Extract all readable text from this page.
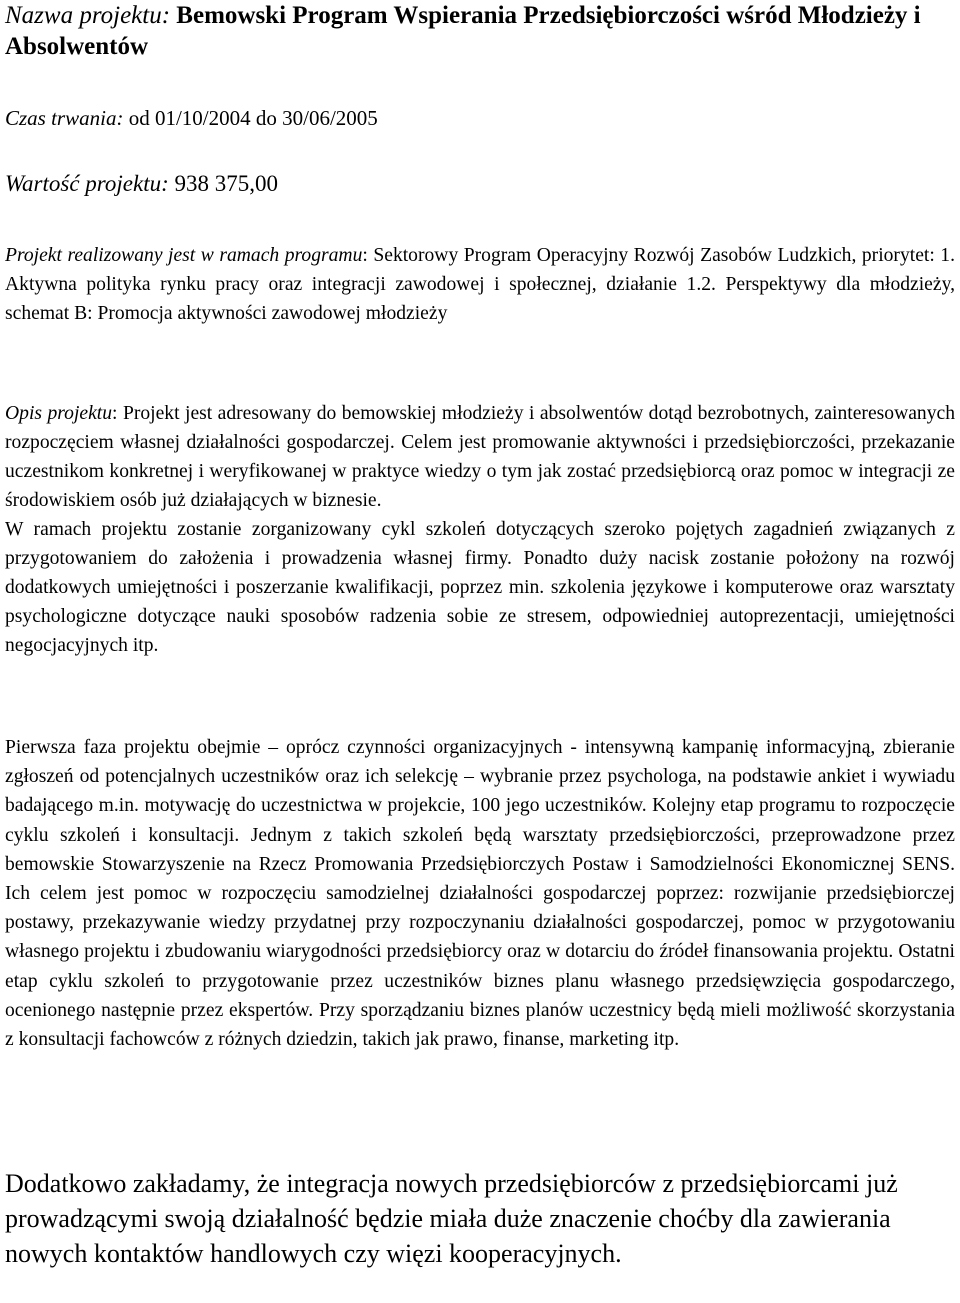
Nazwa projektu: Bemowski Program Wspierania Przedsiębiorczości wśród Młodzieży i Absolwentów
Czas trwania: od 01/10/2004 do 30/06/2005
Wartość projektu: 938 375,00
Projekt realizowany jest w ramach programu: Sektorowy Program Operacyjny Rozwój Zasobów Ludzkich, priorytet: 1. Aktywna polityka rynku pracy oraz integracji zawodowej i społecznej, działanie 1.2. Perspektywy dla młodzieży, schemat B: Promocja aktywności zawodowej młodzieży

Opis projektu: Projekt jest adresowany do bemowskiej młodzieży i absolwentów dotąd bezrobotnych, zainteresowanych rozpoczęciem własnej działalności gospodarczej. Celem jest promowanie aktywności i przedsiębiorczości, przekazanie uczestnikom konkretnej i weryfikowanej w praktyce wiedzy o tym jak zostać przedsiębiorcą oraz pomoc w integracji ze środowiskiem osób już działających w biznesie.

W ramach projektu zostanie zorganizowany cykl szkoleń dotyczących szeroko pojętych zagadnień związanych z przygotowaniem do założenia i prowadzenia własnej firmy. Ponadto duży nacisk zostanie położony na rozwój dodatkowych umiejętności i poszerzanie kwalifikacji, poprzez min. szkolenia językowe i komputerowe oraz warsztaty psychologiczne dotyczące nauki sposobów radzenia sobie ze stresem, odpowiedniej autoprezentacji, umiejętności negocjacyjnych itp.

Pierwsza faza projektu obejmie – oprócz czynności organizacyjnych - intensywną kampanię informacyjną, zbieranie zgłoszeń od potencjalnych uczestników oraz ich selekcję – wybranie przez psychologa, na podstawie ankiet i wywiadu badającego m.in. motywację do uczestnictwa w projekcie, 100 jego uczestników. Kolejny etap programu to rozpoczęcie cyklu szkoleń i konsultacji. Jednym z takich szkoleń będą warsztaty przedsiębiorczości, przeprowadzone przez bemowskie Stowarzyszenie na Rzecz Promowania Przedsiębiorczych Postaw i Samodzielności Ekonomicznej SENS. Ich celem jest pomoc w rozpoczęciu samodzielnej działalności gospodarczej poprzez: rozwijanie przedsiębiorczej postawy, przekazywanie wiedzy przydatnej przy rozpoczynaniu działalności gospodarczej, pomoc w przygotowaniu własnego projektu i zbudowaniu wiarygodności przedsiębiorcy oraz w dotarciu do źródeł finansowania projektu. Ostatni etap cyklu szkoleń to przygotowanie przez uczestników biznes planu własnego przedsięwzięcia gospodarczego, ocenionego następnie przez ekspertów. Przy sporządzaniu biznes planów uczestnicy będą mieli możliwość skorzystania z konsultacji fachowców z różnych dziedzin, takich jak prawo, finanse, marketing itp.
Dodatkowo zakładamy, że integracja nowych przedsiębiorców z przedsiębiorcami już prowadzącymi swoją działalność będzie miała duże znaczenie choćby dla zawierania nowych kontaktów handlowych czy więzi kooperacyjnych.
